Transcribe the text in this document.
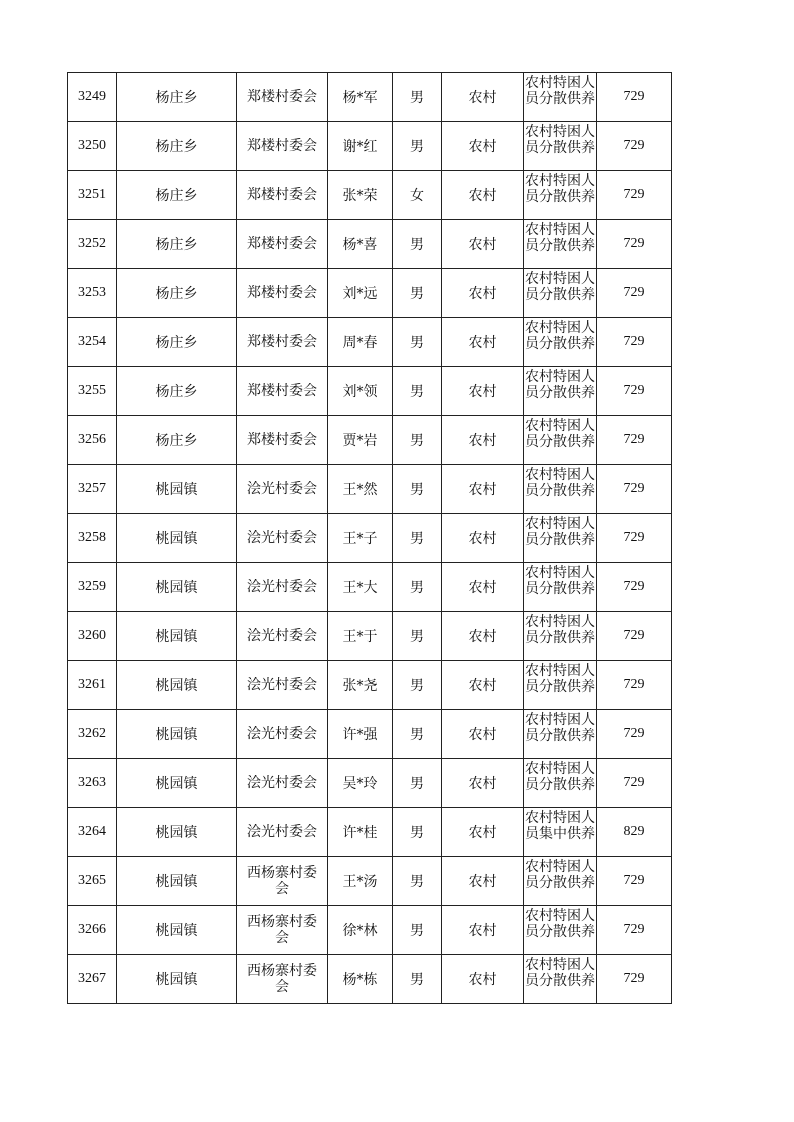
3249	杨庄乡	郑楼村委会	杨*军	男	农村	农村特困人员分散供养	729
3250	杨庄乡	郑楼村委会	谢*红	男	农村	农村特困人员分散供养	729
3251	杨庄乡	郑楼村委会	张*荣	女	农村	农村特困人员分散供养	729
3252	杨庄乡	郑楼村委会	杨*喜	男	农村	农村特困人员分散供养	729
3253	杨庄乡	郑楼村委会	刘*远	男	农村	农村特困人员分散供养	729
3254	杨庄乡	郑楼村委会	周*春	男	农村	农村特困人员分散供养	729
3255	杨庄乡	郑楼村委会	刘*领	男	农村	农村特困人员分散供养	729
3256	杨庄乡	郑楼村委会	贾*岩	男	农村	农村特困人员分散供养	729
3257	桃园镇	浍光村委会	王*然	男	农村	农村特困人员分散供养	729
3258	桃园镇	浍光村委会	王*子	男	农村	农村特困人员分散供养	729
3259	桃园镇	浍光村委会	王*大	男	农村	农村特困人员分散供养	729
3260	桃园镇	浍光村委会	王*于	男	农村	农村特困人员分散供养	729
3261	桃园镇	浍光村委会	张*尧	男	农村	农村特困人员分散供养	729
3262	桃园镇	浍光村委会	许*强	男	农村	农村特困人员分散供养	729
3263	桃园镇	浍光村委会	吴*玲	男	农村	农村特困人员分散供养	729
3264	桃园镇	浍光村委会	许*桂	男	农村	农村特困人员集中供养	829
3265	桃园镇	西杨寨村委会	王*汤	男	农村	农村特困人员分散供养	729
3266	桃园镇	西杨寨村委会	徐*林	男	农村	农村特困人员分散供养	729
3267	桃园镇	西杨寨村委会	杨*栋	男	农村	农村特困人员分散供养	729
